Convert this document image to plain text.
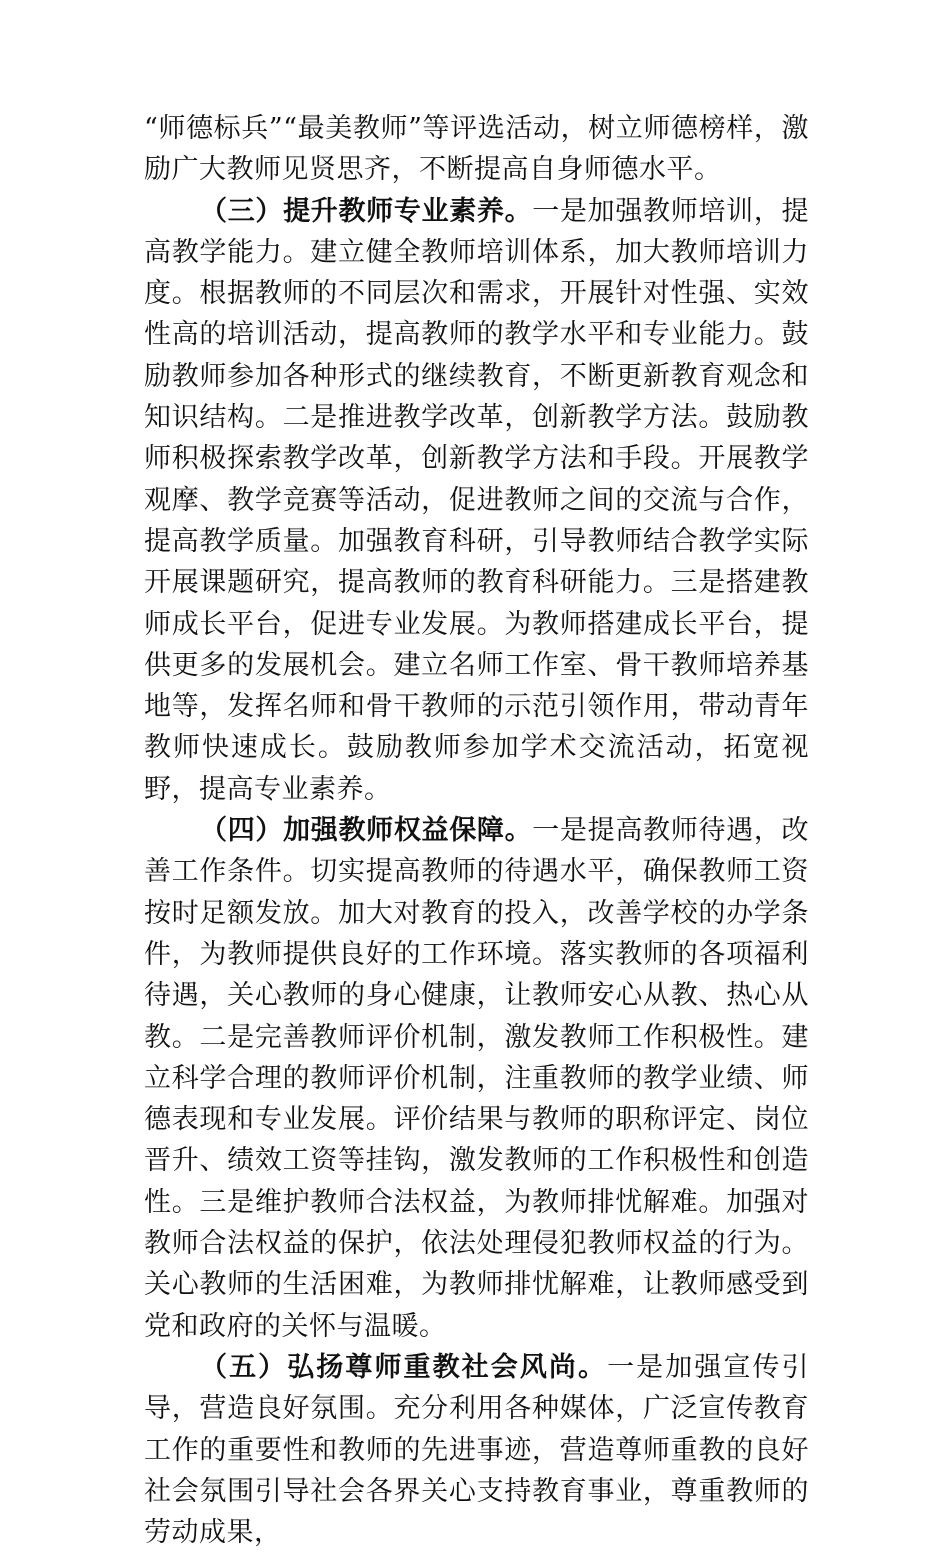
“师德标兵”“最美教师”等评选活动，树立师德榜样，激励广大教师见贤思齐，不断提高自身师德水平。

（三）提升教师专业素养。一是加强教师培训，提高教学能力。建立健全教师培训体系，加大教师培训力度。根据教师的不同层次和需求，开展针对性强、实效性高的培训活动，提高教师的教学水平和专业能力。鼓励教师参加各种形式的继续教育，不断更新教育观念和知识结构。二是推进教学改革，创新教学方法。鼓励教师积极探索教学改革，创新教学方法和手段。开展教学观摩、教学竞赛等活动，促进教师之间的交流与合作，提高教学质量。加强教育科研，引导教师结合教学实际开展课题研究，提高教师的教育科研能力。三是搭建教师成长平台，促进专业发展。为教师搭建成长平台，提供更多的发展机会。建立名师工作室、骨干教师培养基地等，发挥名师和骨干教师的示范引领作用，带动青年教师快速成长。鼓励教师参加学术交流活动，拓宽视野，提高专业素养。

（四）加强教师权益保障。一是提高教师待遇，改善工作条件。切实提高教师的待遇水平，确保教师工资按时足额发放。加大对教育的投入，改善学校的办学条件，为教师提供良好的工作环境。落实教师的各项福利待遇，关心教师的身心健康，让教师安心从教、热心从教。二是完善教师评价机制，激发教师工作积极性。建立科学合理的教师评价机制，注重教师的教学业绩、师德表现和专业发展。评价结果与教师的职称评定、岗位晋升、绩效工资等挂钩，激发教师的工作积极性和创造性。三是维护教师合法权益，为教师排忧解难。加强对教师合法权益的保护，依法处理侵犯教师权益的行为。关心教师的生活困难，为教师排忧解难，让教师感受到党和政府的关怀与温暖。

（五）弘扬尊师重教社会风尚。一是加强宣传引导，营造良好氛围。充分利用各种媒体，广泛宣传教育工作的重要性和教师的先进事迹，营造尊师重教的良好社会氛围引导社会各界关心支持教育事业，尊重教师的劳动成果，
